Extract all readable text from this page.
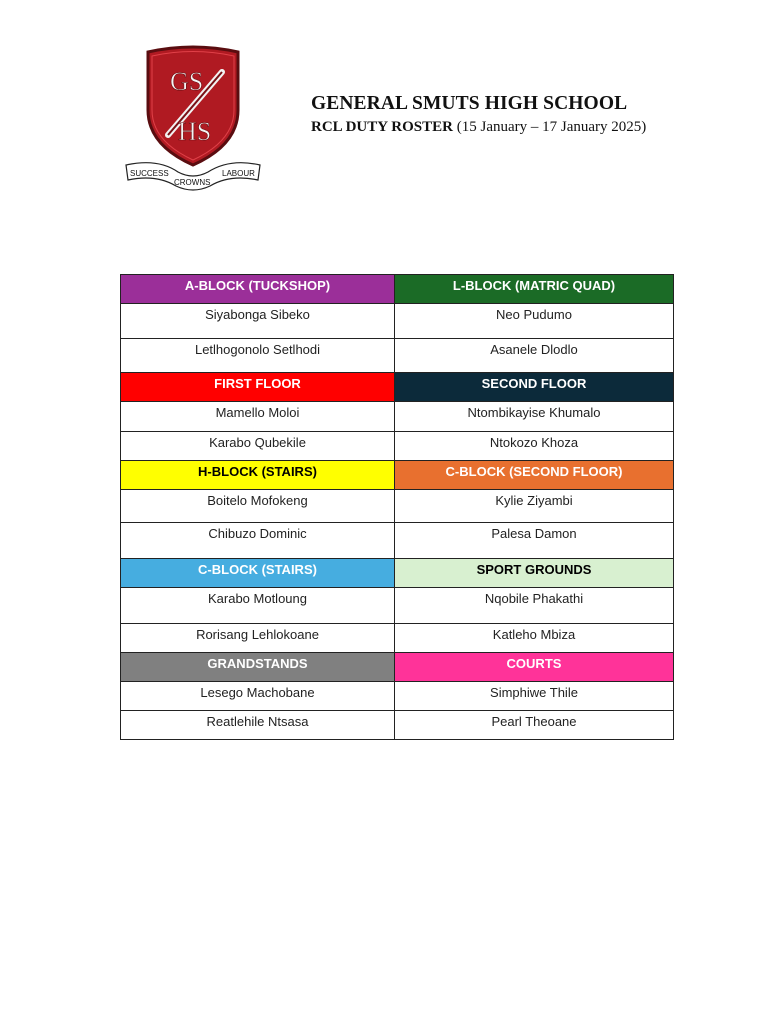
GS
HS
SUCCESS
CROWNS
LABOUR
GENERAL SMUTS HIGH SCHOOL
RCL DUTY ROSTER (15 January – 17 January 2025)
A-BLOCK (TUCKSHOP)	L-BLOCK (MATRIC QUAD)
Siyabonga Sibeko	Neo Pudumo
Letlhogonolo Setlhodi	Asanele Dlodlo
FIRST FLOOR	SECOND FLOOR
Mamello Moloi	Ntombikayise Khumalo
Karabo Qubekile	Ntokozo Khoza
H-BLOCK (STAIRS)	C-BLOCK (SECOND FLOOR)
Boitelo Mofokeng	Kylie Ziyambi
Chibuzo Dominic	Palesa Damon
C-BLOCK (STAIRS)	SPORT GROUNDS
Karabo Motloung	Nqobile Phakathi
Rorisang Lehlokoane	Katleho Mbiza
GRANDSTANDS	COURTS
Lesego Machobane	Simphiwe Thile
Reatlehile Ntsasa	Pearl Theoane
